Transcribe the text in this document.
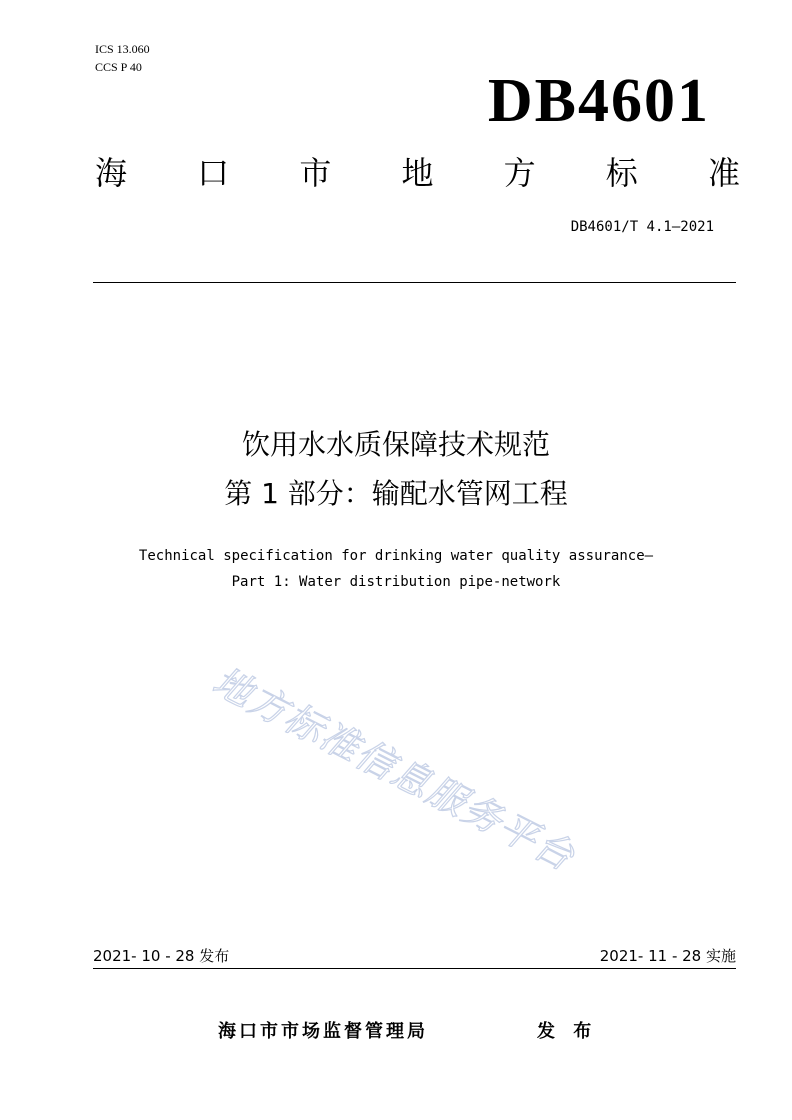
ICS 13.060
CCS P 40	DB4601
海 口 市 地 方 标 准
DB4601/T 4.1—2021
饮用水水质保障技术规范
第 1 部分：输配水管网工程
Technical specification for drinking water quality assurance—
Part 1: Water distribution pipe-network
地方标准信息服务平台
2021- 10 - 28 发布	2021- 11 - 28 实施
海口市市场监督管理局	发 布
